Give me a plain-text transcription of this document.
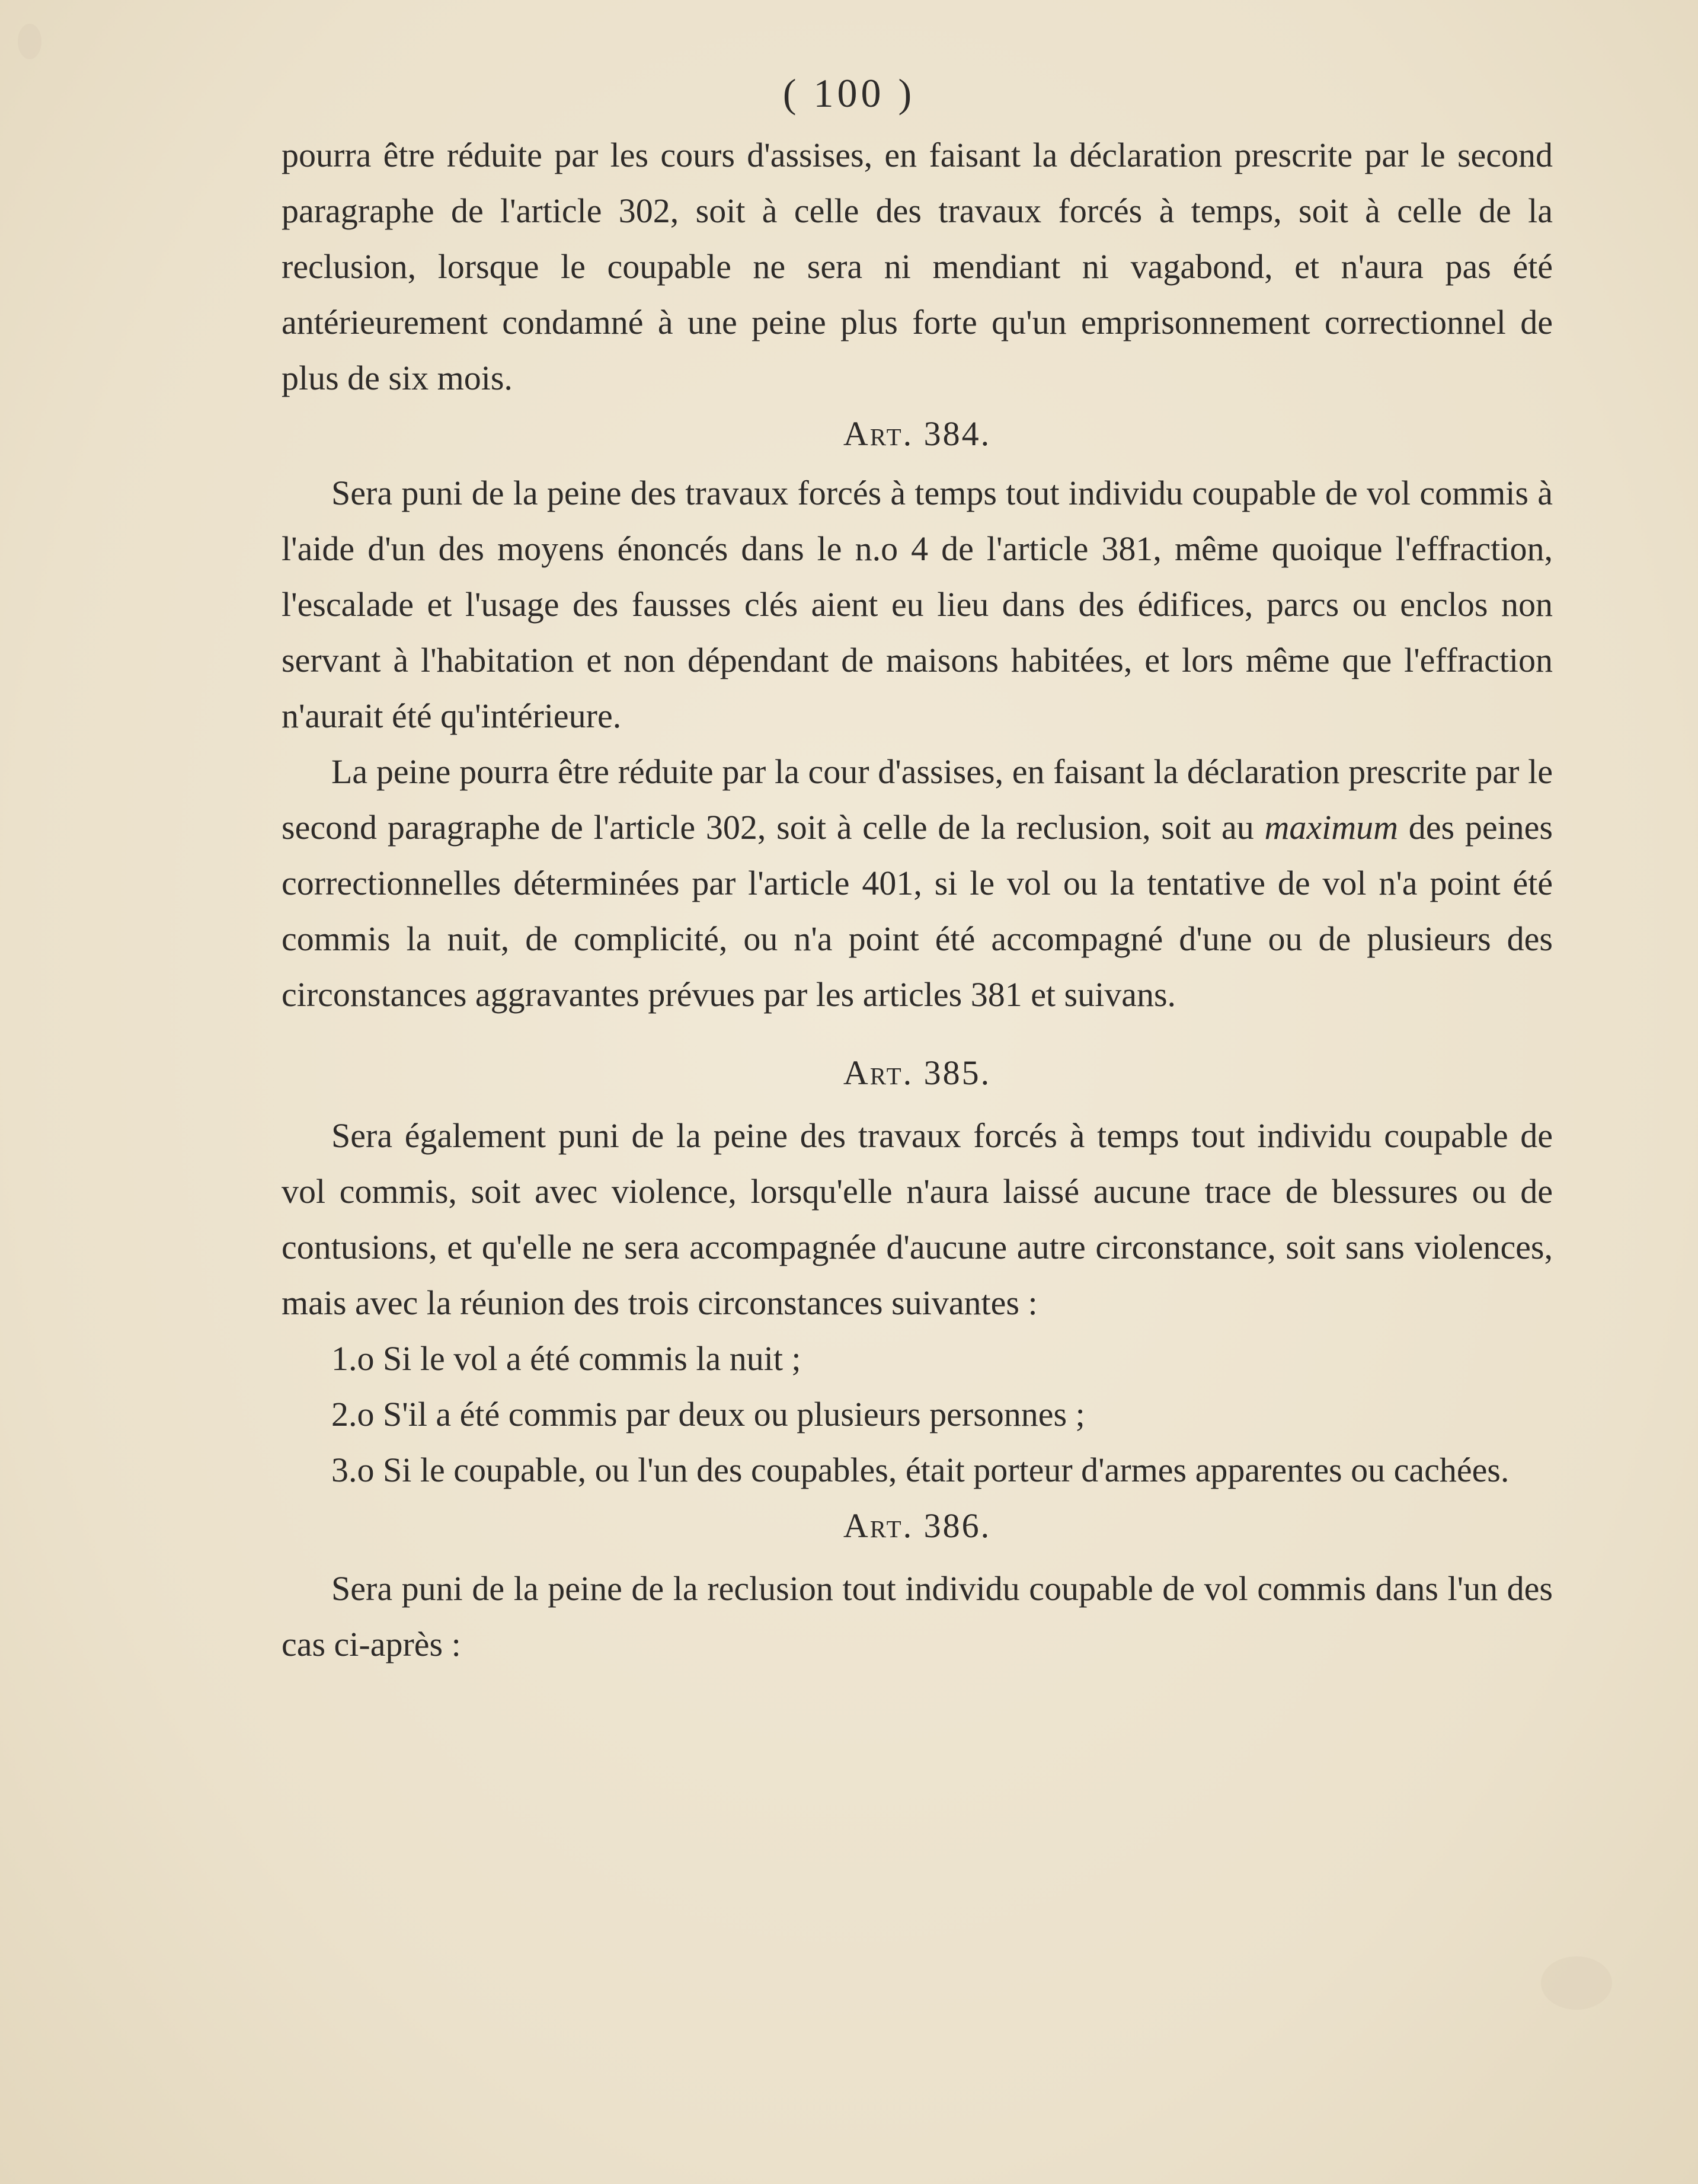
( 100 )

pourra être réduite par les cours d'assises, en faisant la déclaration prescrite par le second paragraphe de l'article 302, soit à celle des travaux forcés à temps, soit à celle de la reclusion, lorsque le coupable ne sera ni mendiant ni vagabond, et n'aura pas été antérieurement condamné à une peine plus forte qu'un emprisonnement correctionnel de plus de six mois.

Art. 384.

Sera puni de la peine des travaux forcés à temps tout individu coupable de vol commis à l'aide d'un des moyens énoncés dans le n.o 4 de l'article 381, même quoique l'effraction, l'escalade et l'usage des fausses clés aient eu lieu dans des édifices, parcs ou enclos non servant à l'habitation et non dépendant de maisons habitées, et lors même que l'effraction n'aurait été qu'intérieure.

La peine pourra être réduite par la cour d'assises, en faisant la déclaration prescrite par le second paragraphe de l'article 302, soit à celle de la reclusion, soit au maximum des peines correctionnelles déterminées par l'article 401, si le vol ou la tentative de vol n'a point été commis la nuit, de complicité, ou n'a point été accompagné d'une ou de plusieurs des circonstances aggravantes prévues par les articles 381 et suivans.

Art. 385.

Sera également puni de la peine des travaux forcés à temps tout individu coupable de vol commis, soit avec violence, lorsqu'elle n'aura laissé aucune trace de blessures ou de contusions, et qu'elle ne sera accompagnée d'aucune autre circonstance, soit sans violences, mais avec la réunion des trois circonstances suivantes :

1.o Si le vol a été commis la nuit ;

2.o S'il a été commis par deux ou plusieurs personnes ;

3.o Si le coupable, ou l'un des coupables, était porteur d'armes apparentes ou cachées.

Art. 386.

Sera puni de la peine de la reclusion tout individu coupable de vol commis dans l'un des cas ci-après :
